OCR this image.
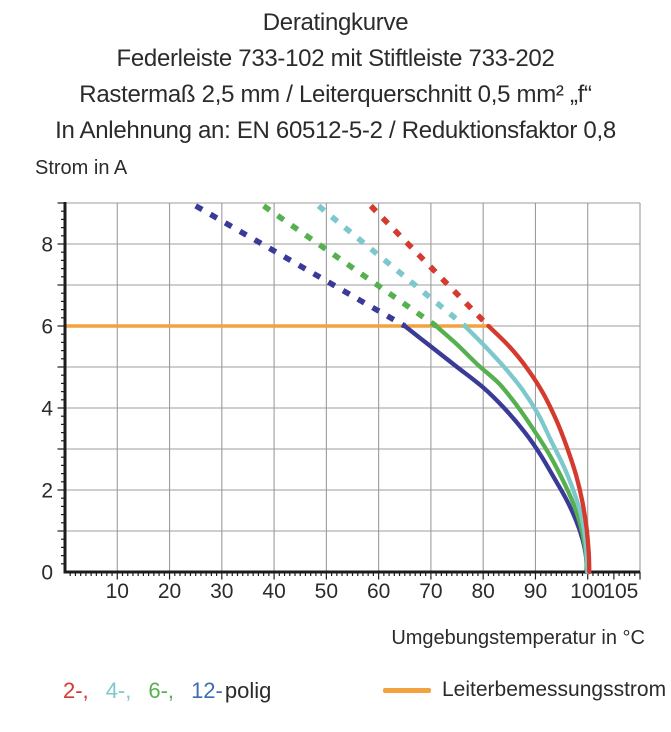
Deratingkurve
Federleiste 733-102 mit Stiftleiste 733-202
Rastermaß 2,5 mm / Leiterquerschnitt 0,5 mm² „f“
In Anlehnung an: EN 60512-5-2 / Reduktionsfaktor 0,8
Strom in A
10 20 30 40 50 60 70 80 90 100
105
0
2
4
6
8
Umgebungstemperatur in °C
2-, 4-, 6-, 12-polig	Leiterbemessungsstrom
